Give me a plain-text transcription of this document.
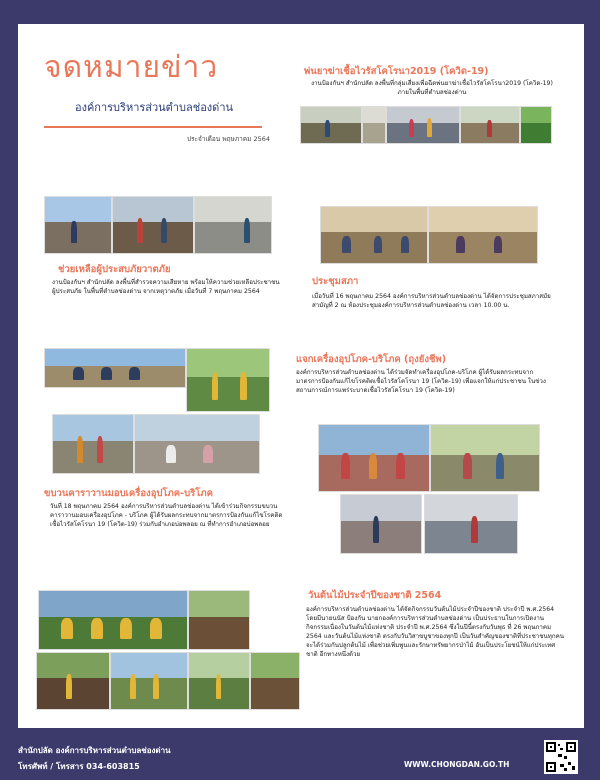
จดหมายข่าว
องค์การบริหารส่วนตำบลช่องด่าน
ประจำเดือน พฤษภาคม 2564
พ่นยาฆ่าเชื้อไวรัสโคโรนา2019 (โควิด-19)
งานป้องกันฯ สำนักปลัด ลงพื้นที่กลุ่มเสี่ยงเพื่อฉีดพ่นยาฆ่าเชื้อไวรัสโคโรนา2019 (โควิด-19) ภายในพื้นที่ตำบลช่องด่าน
ช่วยเหลือผู้ประสบภัยวาตภัย
งานป้องกันฯ สำนักปลัด ลงพื้นที่สำรวจความเสียหาย พร้อมให้ความช่วยเหลือประชาชนผู้ประสบภัย ในพื้นที่ตำบลช่องด่าน จากเหตุวาตภัย เมื่อวันที่ 7 พฤษภาคม 2564
ประชุมสภา
เมื่อวันที่ 16 พฤษภาคม 2564 องค์การบริหารส่วนตำบลช่องด่าน ได้จัดการประชุมสภาสมัยสามัญที่ 2 ณ ห้องประชุมองค์การบริหารส่วนตำบลช่องด่าน เวลา 10.00 น.
แจกเครื่องอุปโภค-บริโภค (ถุงยังชีพ)
องค์การบริหารส่วนตำบลช่องด่าน ได้ร่วมจัดทำเครื่องอุปโภค-บริโภค ผู้ได้รับผลกระทบจากมาตรการป้องกันแก้ไขโรคติดเชื้อไวรัสโคโรนา 19 (โควิด-19) เพื่อแจกให้แก่ประชาชน ในช่วงสถานการณ์การแพร่ระบาดเชื้อไวรัสโคโรนา 19 (โควิด-19)
ขบวนคาราวานมอบเครื่องอุปโภค-บริโภค
วันที่ 18 พฤษภาคม 2564 องค์การบริหารส่วนตำบลช่องด่าน ได้เข้าร่วมกิจกรรมขบวนคาราวานมอบเครื่องอุปโภค - บริโภค ผู้ได้รับผลกระทบจากมาตรการป้องกันแก้ไขโรคติดเชื้อไวรัสโคโรนา 19 (โควิด-19) ร่วมกับอำเภอบ่อพลอย ณ ที่ทำการอำเภอบ่อพลอย
วันต้นไม้ประจำปีของชาติ 2564
องค์การบริหารส่วนตำบลช่องด่าน ได้จัดกิจกรรมวันต้นไม้ประจำปีของชาติ ประจำปี พ.ศ.2564 โดยมีนายนนัส ป้องกัน นายกองค์การบริหารส่วนตำบลช่องด่าน เป็นประธานในการเปิดงาน กิจกรรมเนื่องในวันต้นไม้แห่งชาติ ประจำปี พ.ศ.2564 ซึ่งในปีนี้ตรงกับวันพุธ ที่ 26 พฤษภาคม 2564 และวันต้นไม้แห่งชาติ ตรงกับวันวิสาขบูชาของทุกปี เป็นวันสำคัญของชาติที่ประชาชนทุกคน จะได้ร่วมกันปลูกต้นไม้ เพื่อช่วยเพิ่มพูนและรักษาทรัพยากรป่าไม้ อันเป็นประโยชน์ให้แก่ประเทศชาติ อีกทางหนึ่งด้วย
สำนักปลัด องค์การบริหารส่วนตำบลช่องด่าน
โทรศัพท์ / โทรสาร 034-603815	WWW.CHONGDAN.GO.TH
